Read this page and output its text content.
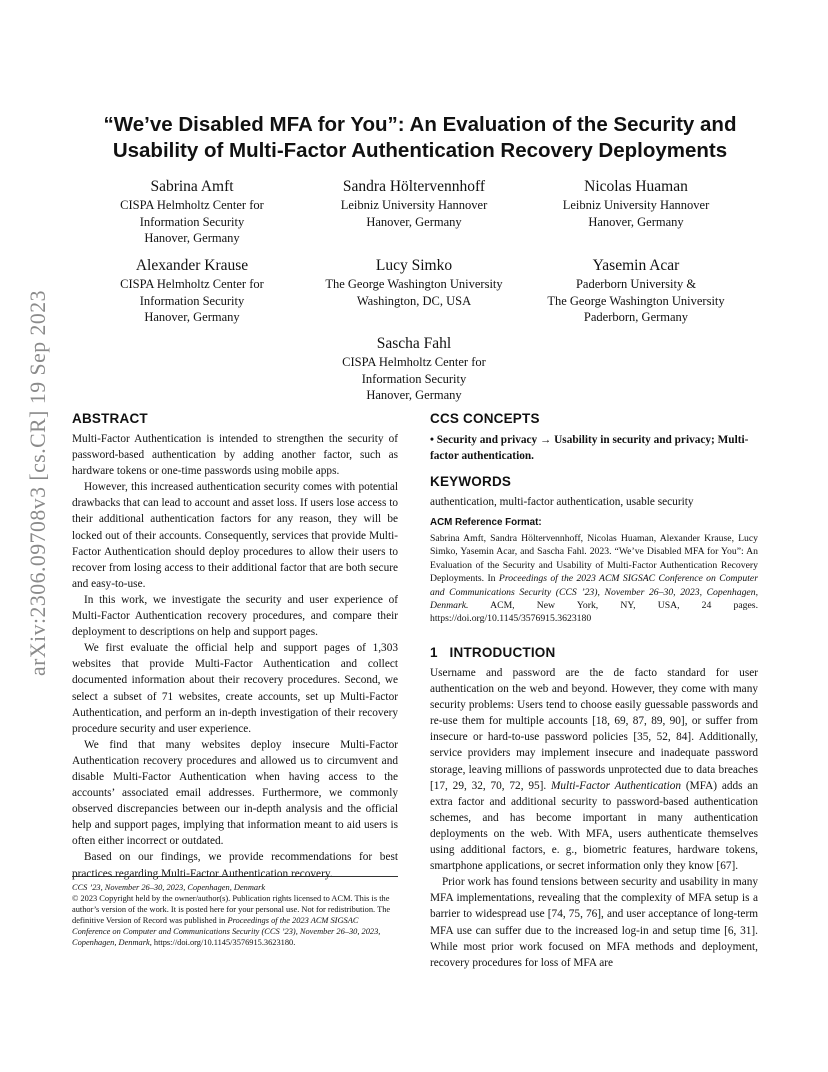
arXiv:2306.09708v3 [cs.CR] 19 Sep 2023
“We’ve Disabled MFA for You”: An Evaluation of the Security and
Usability of Multi-Factor Authentication Recovery Deployments
Sabrina Amft
CISPA Helmholtz Center for
Information Security
Hanover, Germany
Sandra Höltervennhoff
Leibniz University Hannover
Hanover, Germany
Nicolas Huaman
Leibniz University Hannover
Hanover, Germany
Alexander Krause
CISPA Helmholtz Center for
Information Security
Hanover, Germany
Lucy Simko
The George Washington University
Washington, DC, USA
Yasemin Acar
Paderborn University &
The George Washington University
Paderborn, Germany
Sascha Fahl
CISPA Helmholtz Center for
Information Security
Hanover, Germany
ABSTRACT

Multi-Factor Authentication is intended to strengthen the security of password-based authentication by adding another factor, such as hardware tokens or one-time passwords using mobile apps.

However, this increased authentication security comes with potential drawbacks that can lead to account and asset loss. If users lose access to their additional authentication factors for any reason, they will be locked out of their accounts. Consequently, services that provide Multi-Factor Authentication should deploy procedures to allow their users to recover from losing access to their additional factor that are both secure and easy-to-use.

In this work, we investigate the security and user experience of Multi-Factor Authentication recovery procedures, and compare their deployment to descriptions on help and support pages.

We first evaluate the official help and support pages of 1,303 websites that provide Multi-Factor Authentication and collect documented information about their recovery procedures. Second, we select a subset of 71 websites, create accounts, set up Multi-Factor Authentication, and perform an in-depth investigation of their recovery procedure security and user experience.

We find that many websites deploy insecure Multi-Factor Authentication recovery procedures and allowed us to circumvent and disable Multi-Factor Authentication when having access to the accounts’ associated email addresses. Furthermore, we commonly observed discrepancies between our in-depth analysis and the official help and support pages, implying that information meant to aid users is often either incorrect or outdated.

Based on our findings, we provide recommendations for best practices regarding Multi-Factor Authentication recovery.

CCS ’23, November 26–30, 2023, Copenhagen, Denmark

© 2023 Copyright held by the owner/author(s). Publication rights licensed to ACM. This is the author’s version of the work. It is posted here for your personal use. Not for redistribution. The definitive Version of Record was published in Proceedings of the 2023 ACM SIGSAC Conference on Computer and Communications Security (CCS ’23), November 26–30, 2023, Copenhagen, Denmark, https://doi.org/10.1145/3576915.3623180.

CCS CONCEPTS
• Security and privacy → Usability in security and privacy; Multi-factor authentication.
KEYWORDS
authentication, multi-factor authentication, usable security
ACM Reference Format:
Sabrina Amft, Sandra Höltervennhoff, Nicolas Huaman, Alexander Krause, Lucy Simko, Yasemin Acar, and Sascha Fahl. 2023. “We’ve Disabled MFA for You”: An Evaluation of the Security and Usability of Multi-Factor Authentication Recovery Deployments. In Proceedings of the 2023 ACM SIGSAC Conference on Computer and Communications Security (CCS ’23), November 26–30, 2023, Copenhagen, Denmark. ACM, New York, NY, USA, 24 pages. https://doi.org/10.1145/3576915.3623180
1   INTRODUCTION

Username and password are the de facto standard for user authentication on the web and beyond. However, they come with many security problems: Users tend to choose easily guessable passwords and re-use them for multiple accounts [18, 69, 87, 89, 90], or suffer from insecure or hard-to-use password policies [35, 52, 84]. Additionally, service providers may implement insecure and inadequate password storage, leaving millions of passwords unprotected due to data breaches [17, 29, 32, 70, 72, 95]. Multi-Factor Authentication (MFA) adds an extra factor and additional security to password-based authentication schemes, and has become important in many authentication deployments on the web. With MFA, users authenticate themselves using additional factors, e. g., biometric features, hardware tokens, smartphone applications, or secret information only they know [67].

Prior work has found tensions between security and usability in many MFA implementations, revealing that the complexity of MFA setup is a barrier to widespread use [74, 75, 76], and user acceptance of long-term MFA use can suffer due to the increased log-in and setup time [6, 31]. While most prior work focused on MFA methods and deployment, recovery procedures for loss of MFA are
